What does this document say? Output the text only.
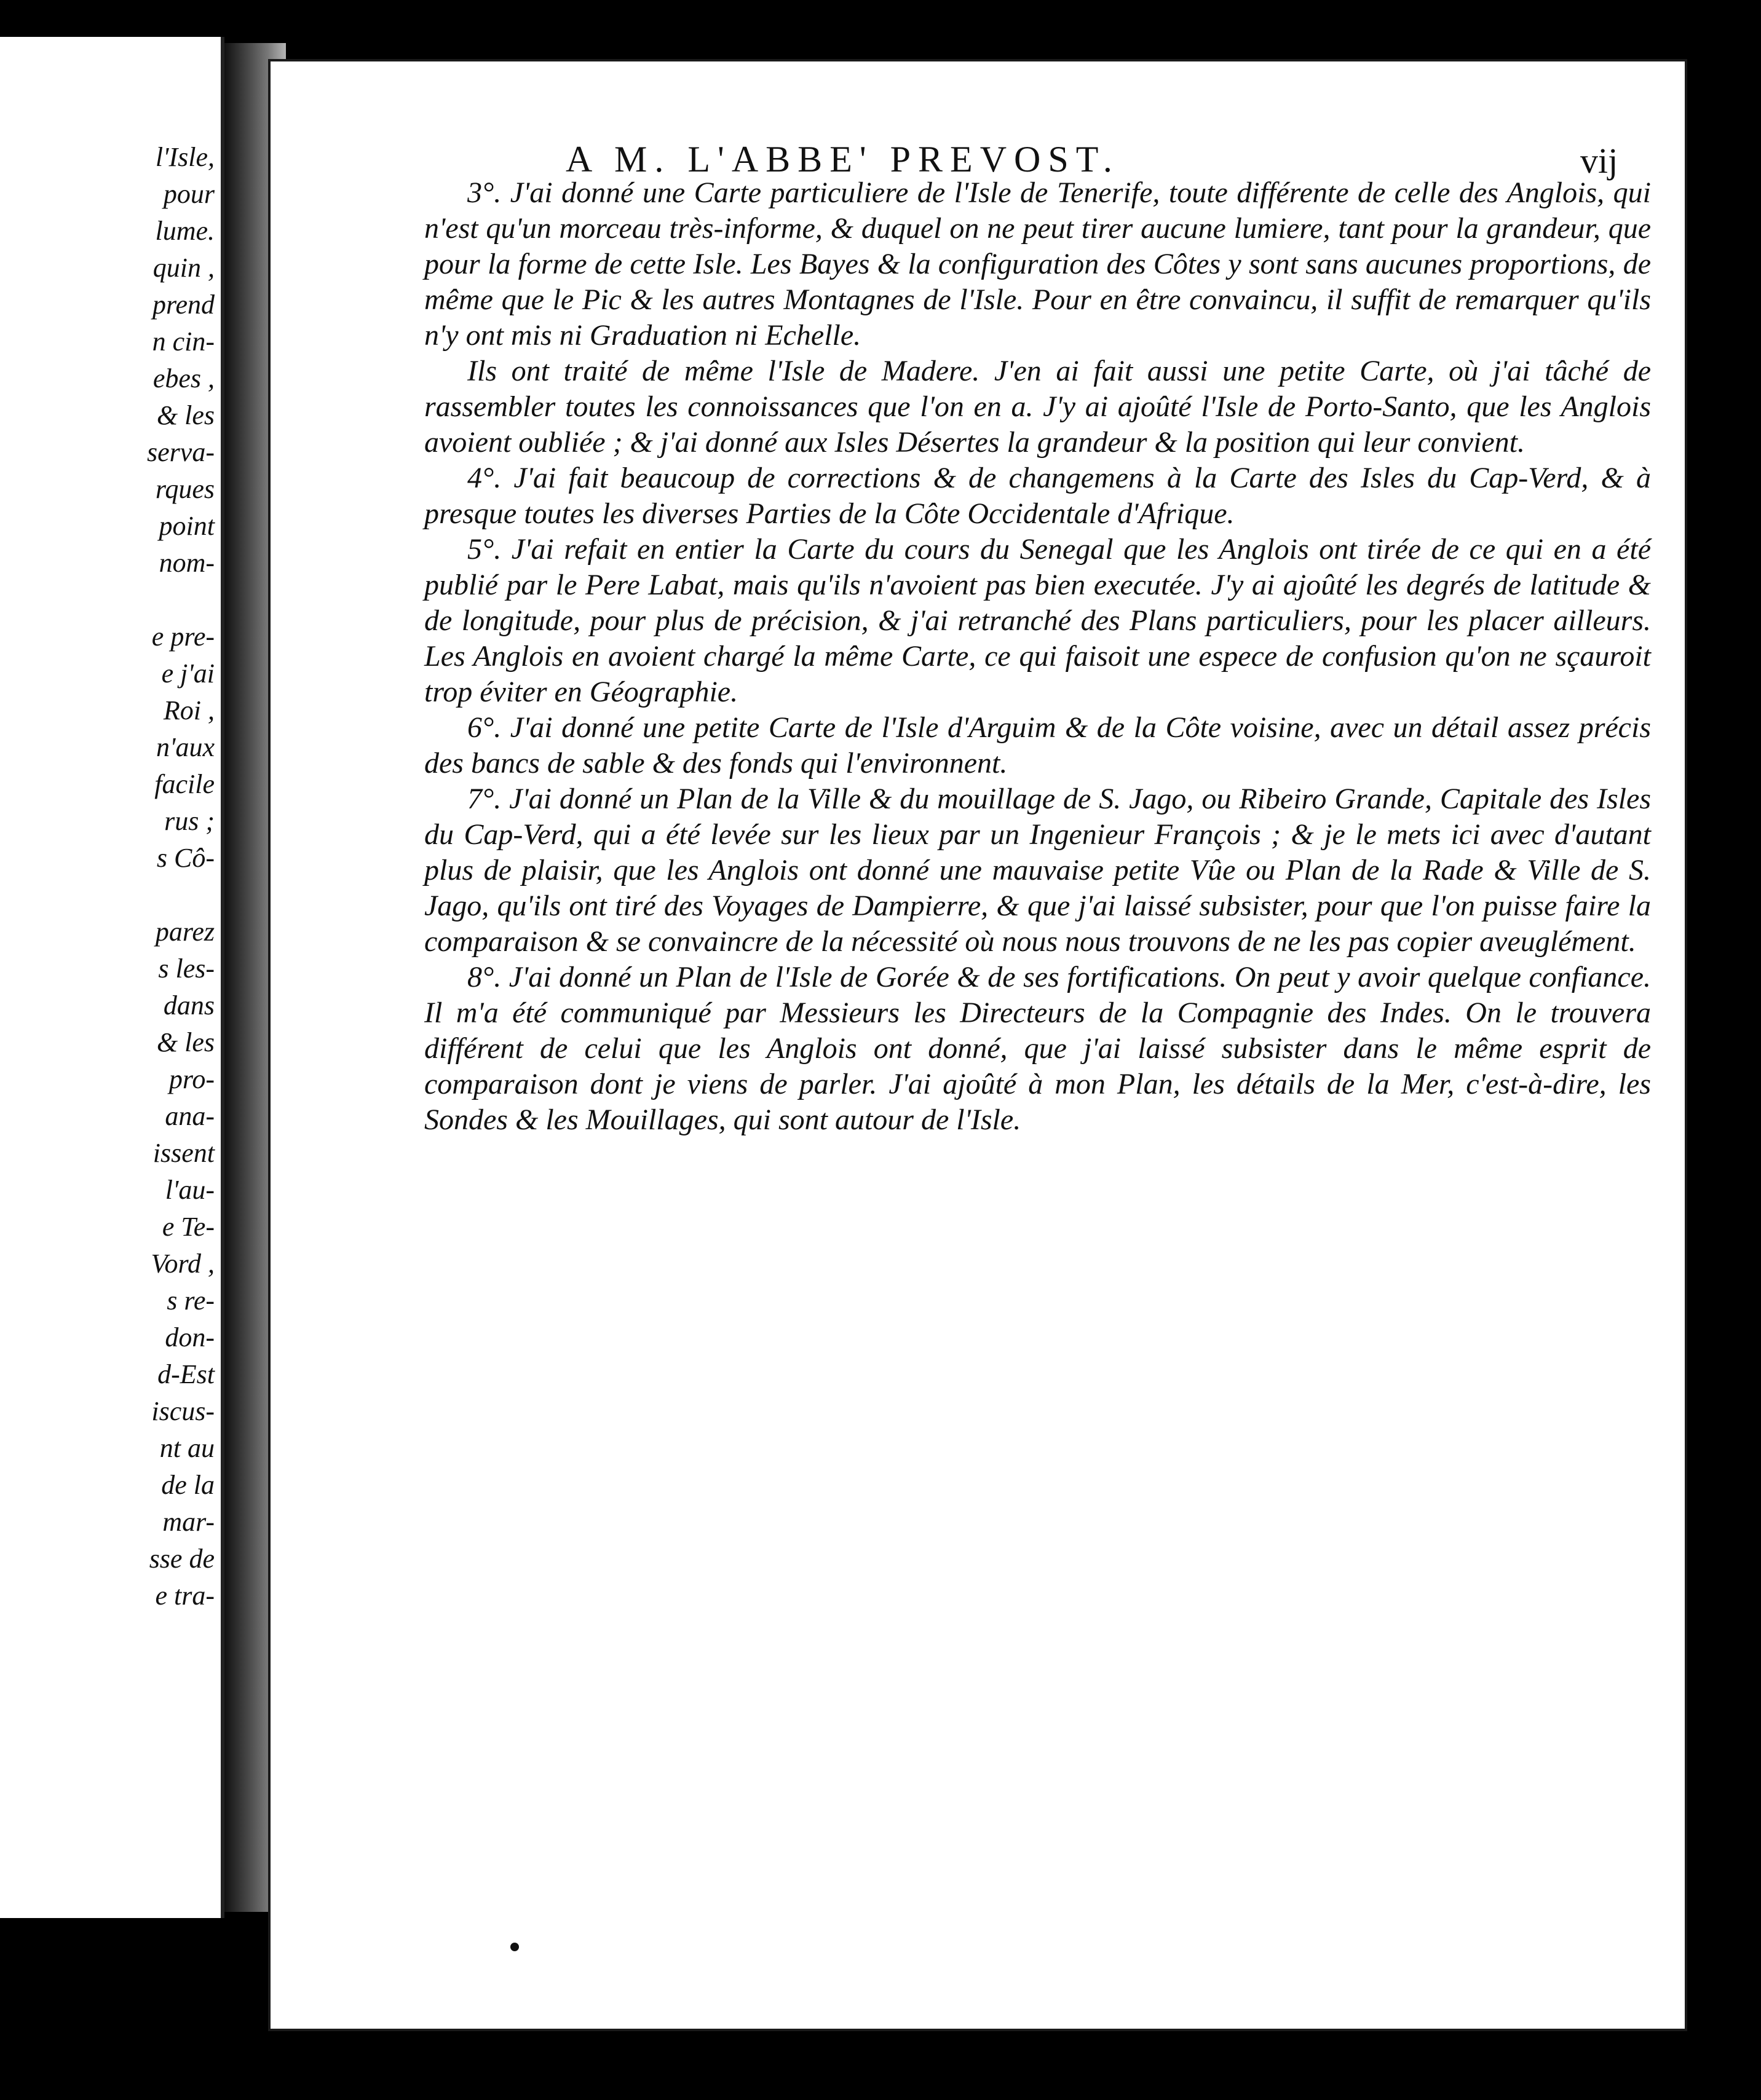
l'Isle,
pour
lume.
quin ,
prend
n cin-
ebes ,
& les
serva-
rques
point
nom-
e pre-
e j'ai
Roi ,
n'aux
facile
rus ;
s Cô-
parez
s les-
dans
& les
pro-
ana-
issent
l'au-
e Te-
Vord ,
s re-
don-
d-Est
iscus-
nt au
de la
mar-
sse de
e tra-
A M. L'ABBE' PREVOST.	vij

3°. J'ai donné une Carte particuliere de l'Isle de Tenerife, toute différente de celle des Anglois, qui n'est qu'un morceau très-informe, & duquel on ne peut tirer aucune lumiere, tant pour la grandeur, que pour la forme de cette Isle. Les Bayes & la configuration des Côtes y sont sans aucunes proportions, de même que le Pic & les autres Montagnes de l'Isle. Pour en être convaincu, il suffit de remarquer qu'ils n'y ont mis ni Graduation ni Echelle.

Ils ont traité de même l'Isle de Madere. J'en ai fait aussi une petite Carte, où j'ai tâché de rassembler toutes les connoissances que l'on en a. J'y ai ajoûté l'Isle de Porto-Santo, que les Anglois avoient oubliée ; & j'ai donné aux Isles Désertes la grandeur & la position qui leur convient.

4°. J'ai fait beaucoup de corrections & de changemens à la Carte des Isles du Cap-Verd, & à presque toutes les diverses Parties de la Côte Occidentale d'Afrique.

5°. J'ai refait en entier la Carte du cours du Senegal que les Anglois ont tirée de ce qui en a été publié par le Pere Labat, mais qu'ils n'avoient pas bien executée. J'y ai ajoûté les degrés de latitude & de longitude, pour plus de précision, & j'ai retranché des Plans particuliers, pour les placer ailleurs. Les Anglois en avoient chargé la même Carte, ce qui faisoit une espece de confusion qu'on ne sçauroit trop éviter en Géographie.

6°. J'ai donné une petite Carte de l'Isle d'Arguim & de la Côte voisine, avec un détail assez précis des bancs de sable & des fonds qui l'environnent.

7°. J'ai donné un Plan de la Ville & du mouillage de S. Jago, ou Ribeiro Grande, Capitale des Isles du Cap-Verd, qui a été levée sur les lieux par un Ingenieur François ; & je le mets ici avec d'autant plus de plaisir, que les Anglois ont donné une mauvaise petite Vûe ou Plan de la Rade & Ville de S. Jago, qu'ils ont tiré des Voyages de Dampierre, & que j'ai laissé subsister, pour que l'on puisse faire la comparaison & se convaincre de la nécessité où nous nous trouvons de ne les pas copier aveuglément.

8°. J'ai donné un Plan de l'Isle de Gorée & de ses fortifications. On peut y avoir quelque confiance. Il m'a été communiqué par Messieurs les Directeurs de la Compagnie des Indes. On le trouvera différent de celui que les Anglois ont donné, que j'ai laissé subsister dans le même esprit de comparaison dont je viens de parler. J'ai ajoûté à mon Plan, les détails de la Mer, c'est-à-dire, les Sondes & les Mouillages, qui sont autour de l'Isle.
